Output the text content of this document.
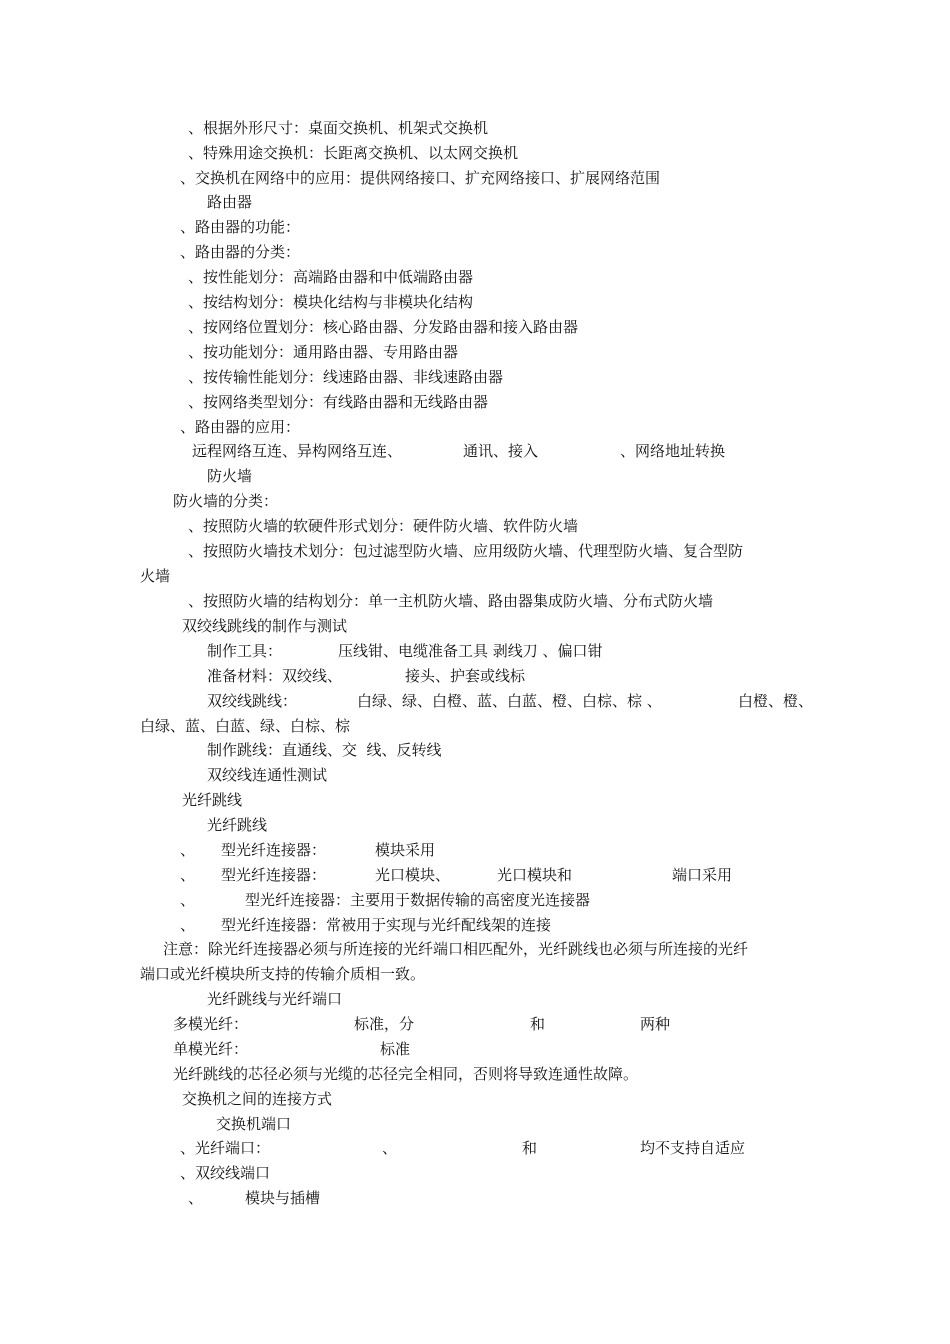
、根据外形尺寸：桌面交换机、机架式交换机
、特殊用途交换机：长距离交换机、以太网交换机
、交换机在网络中的应用：提供网络接口、扩充网络接口、扩展网络范围
路由器
、路由器的功能：
、路由器的分类：
、按性能划分：高端路由器和中低端路由器
、按结构划分：模块化结构与非模块化结构
、按网络位置划分：核心路由器、分发路由器和接入路由器
、按功能划分：通用路由器、专用路由器
、按传输性能划分：线速路由器、非线速路由器
、按网络类型划分：有线路由器和无线路由器
、路由器的应用：

远程网络互连、异构网络互连、

	通讯、接入

	、网络地址转换

防火墙
防火墙的分类：
、按照防火墙的软硬件形式划分：硬件防火墙、软件防火墙
、按照防火墙技术划分：包过滤型防火墙、应用级防火墙、代理型防火墙、复合型防
火墙
、按照防火墙的结构划分：单一主机防火墙、路由器集成防火墙、分布式防火墙
双绞线跳线的制作与测试

制作工具：

	压线钳、电缆准备工具 剥线刀 、偏口钳

准备材料：双绞线、

	接头、护套或线标

双绞线跳线：

	白绿、绿、白橙、蓝、白蓝、橙、白棕、棕 、

	白橙、橙、

白绿、蓝、白蓝、绿、白棕、棕
制作跳线：直通线、交  线、反转线
双绞线连通性测试
光纤跳线
光纤跳线

、

型光纤连接器：

	模块采用

、

型光纤连接器：

	光口模块、

	光口模块和

	端口采用

、

	型光纤连接器：主要用于数据传输的高密度光连接器

、

型光纤连接器：常被用于实现与光纤配线架的连接

注意：除光纤连接器必须与所连接的光纤端口相匹配外，光纤跳线也必须与所连接的光纤
端口或光纤模块所支持的传输介质相一致。
光纤跳线与光纤端口

多模光纤：

	标准，分

	和

	两种

单模光纤：

	标准

光纤跳线的芯径必须与光缆的芯径完全相同，否则将导致连通性故障。
交换机之间的连接方式
交换机端口

、光纤端口：

	、

	和

	均不支持自适应

、双绞线端口

、

	模块与插槽
